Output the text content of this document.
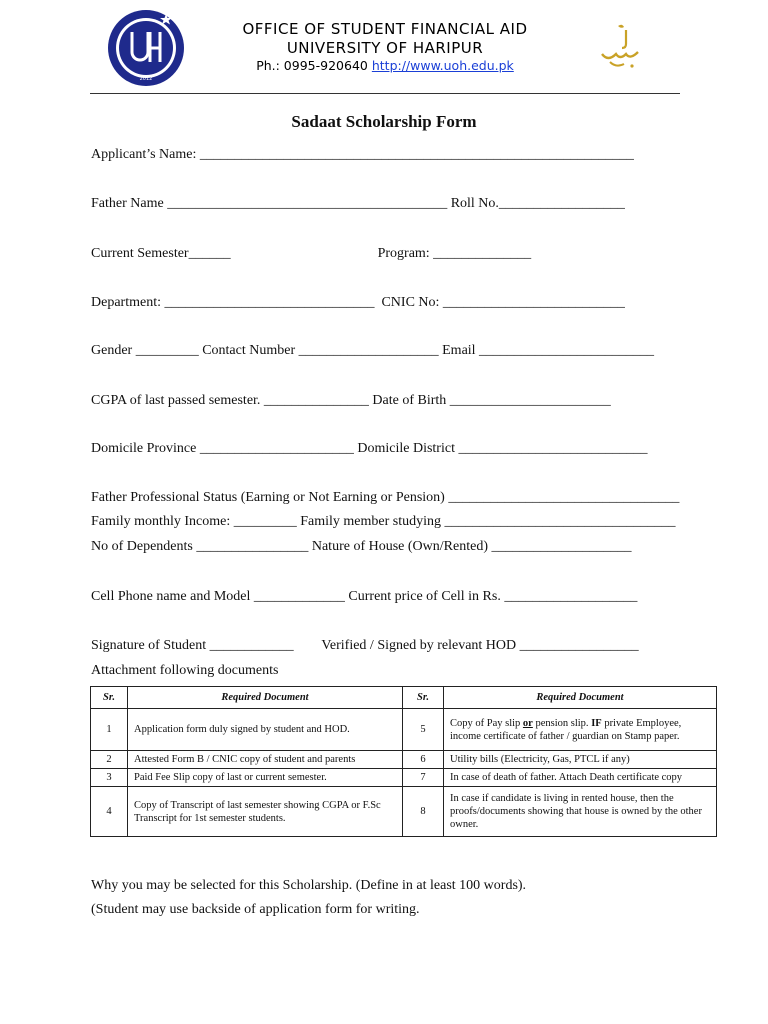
2012
OFFICE OF STUDENT FINANCIAL AID
UNIVERSITY OF HARIPUR
Ph.: 0995-920640 http://www.uoh.edu.pk
Sadaat Scholarship Form
Applicant’s Name: ______________________________________________________________
Father Name ________________________________________ Roll No.__________________
Current Semester______                                          Program: ______________
Department: ______________________________  CNIC No: __________________________
Gender _________ Contact Number ____________________ Email _________________________
CGPA of last passed semester. _______________ Date of Birth _______________________
Domicile Province ______________________ Domicile District ___________________________
Father Professional Status (Earning or Not Earning or Pension) _________________________________
Family monthly Income: _________ Family member studying _________________________________
No of Dependents ________________ Nature of House (Own/Rented) ____________________
Cell Phone name and Model _____________ Current price of Cell in Rs. ___________________
Signature of Student ____________        Verified / Signed by relevant HOD _________________
Attachment following documents
Sr.	Required Document	Sr.	Required Document
1	Application form duly signed by student and HOD.	5	Copy of Pay slip or pension slip. IF private Employee, income certificate of father / guardian on Stamp paper.
2	Attested Form B / CNIC copy of student and parents	6	Utility bills (Electricity, Gas, PTCL if any)
3	Paid Fee Slip copy of last or current semester.	7	In case of death of father. Attach Death certificate copy
4	Copy of Transcript of last semester showing CGPA or F.Sc Transcript for 1st semester students.	8	In case if candidate is living in rented house, then the proofs/documents showing that house is owned by the other owner.
Why you may be selected for this Scholarship. (Define in at least 100 words).
(Student may use backside of application form for writing.
